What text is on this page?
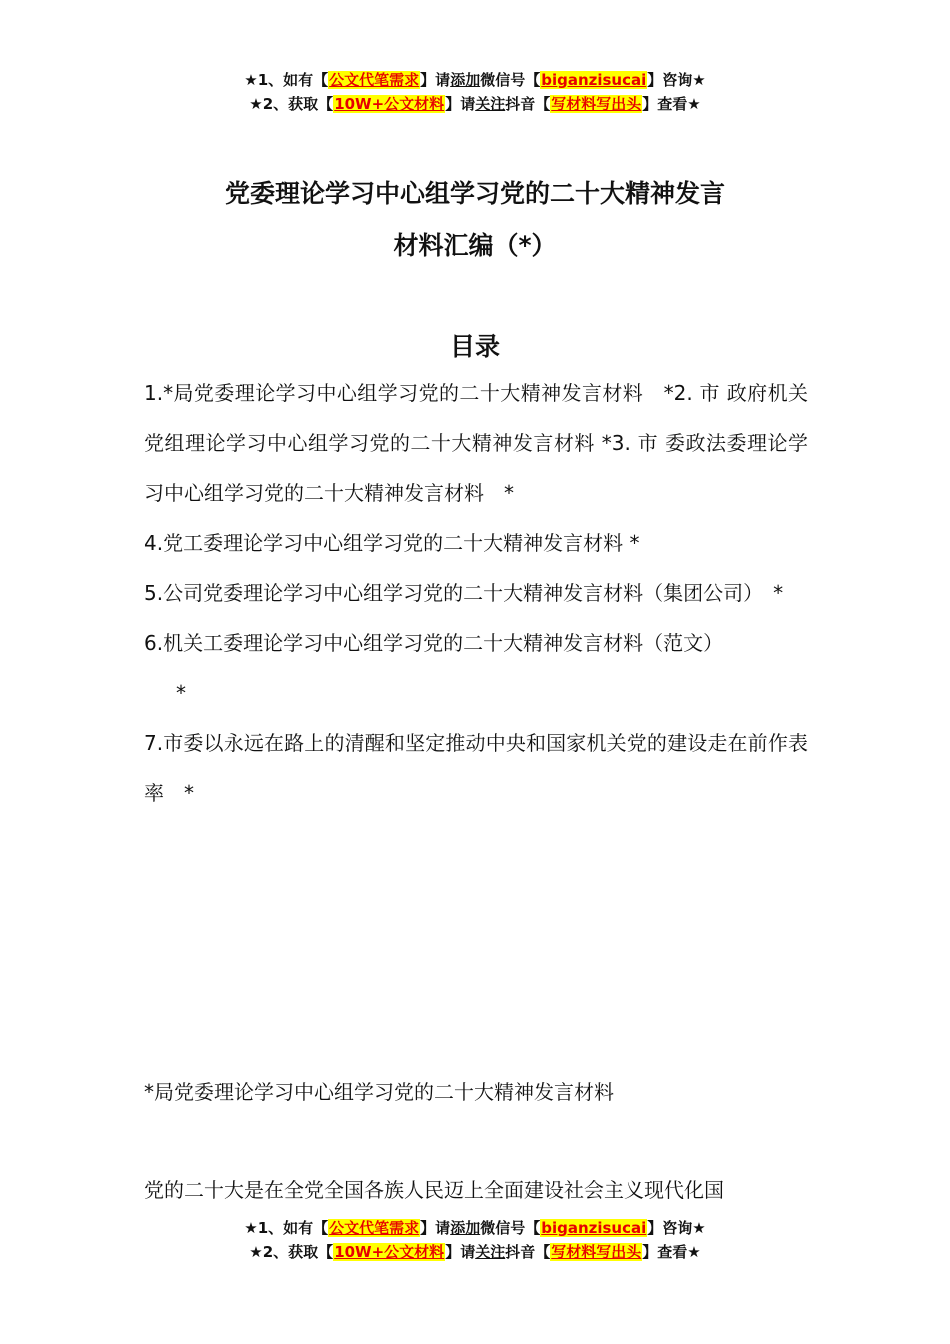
★1、如有【公文代笔需求】请添加微信号【biganzisucai】咨询★
★2、获取【10W+公文材料】请关注抖音【写材料写出头】查看★
党委理论学习中心组学习党的二十大精神发言
材料汇编（*）
目录

1.*局党委理论学习中心组学习党的二十大精神发言材料　*2. 市 政府机关党组理论学习中心组学习党的二十大精神发言材料 *3. 市 委政法委理论学习中心组学习党的二十大精神发言材料　*

4.党工委理论学习中心组学习党的二十大精神发言材料 *

5.公司党委理论学习中心组学习党的二十大精神发言材料（集团公司）　*

6.机关工委理论学习中心组学习党的二十大精神发言材料（范文）

*

7.市委以永远在路上的清醒和坚定推动中央和国家机关党的建设走在前作表率　*

*局党委理论学习中心组学习党的二十大精神发言材料
党的二十大是在全党全国各族人民迈上全面建设社会主义现代化国
★1、如有【公文代笔需求】请添加微信号【biganzisucai】咨询★
★2、获取【10W+公文材料】请关注抖音【写材料写出头】查看★
